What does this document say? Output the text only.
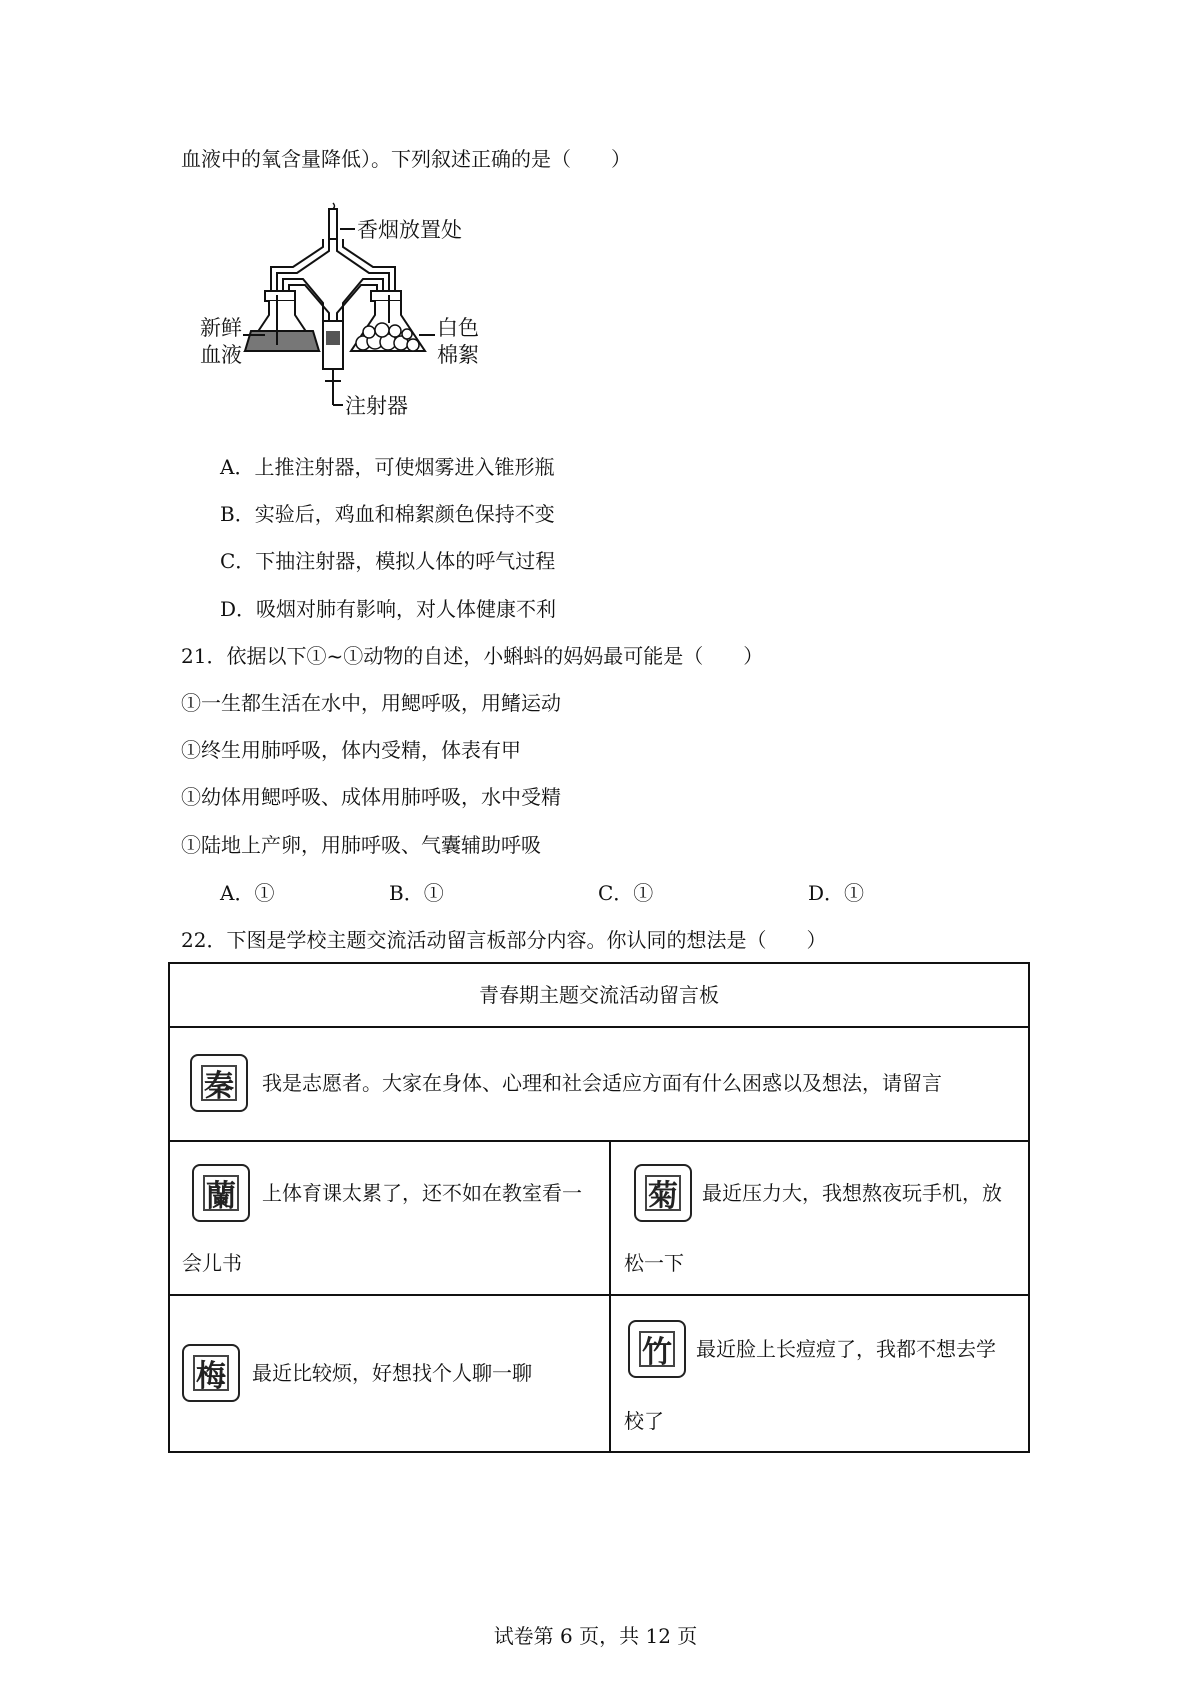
血液中的氧含量降低）。下列叙述正确的是（　　）
香烟放置处
新鲜
血液
白色
棉絮
注射器
A．上推注射器，可使烟雾进入锥形瓶
B．实验后，鸡血和棉絮颜色保持不变
C．下抽注射器，模拟人体的呼气过程
D．吸烟对肺有影响，对人体健康不利
21．依据以下①~①动物的自述，小蝌蚪的妈妈最可能是（　　）
①一生都生活在水中，用鳃呼吸，用鳍运动
①终生用肺呼吸，体内受精，体表有甲
①幼体用鳃呼吸、成体用肺呼吸，水中受精
①陆地上产卵，用肺呼吸、气囊辅助呼吸
A．①	B．①	C．①	D．①
22．下图是学校主题交流活动留言板部分内容。你认同的想法是（　　）
青春期主题交流活动留言板
秦 我是志愿者。大家在身体、心理和社会适应方面有什么困惑以及想法，请留言
蘭 上体育课太累了，还不如在教室看一
会儿书
菊 最近压力大，我想熬夜玩手机，放
松一下
梅 最近比较烦，好想找个人聊一聊
竹 最近脸上长痘痘了，我都不想去学
校了
试卷第 6 页，共 12 页
